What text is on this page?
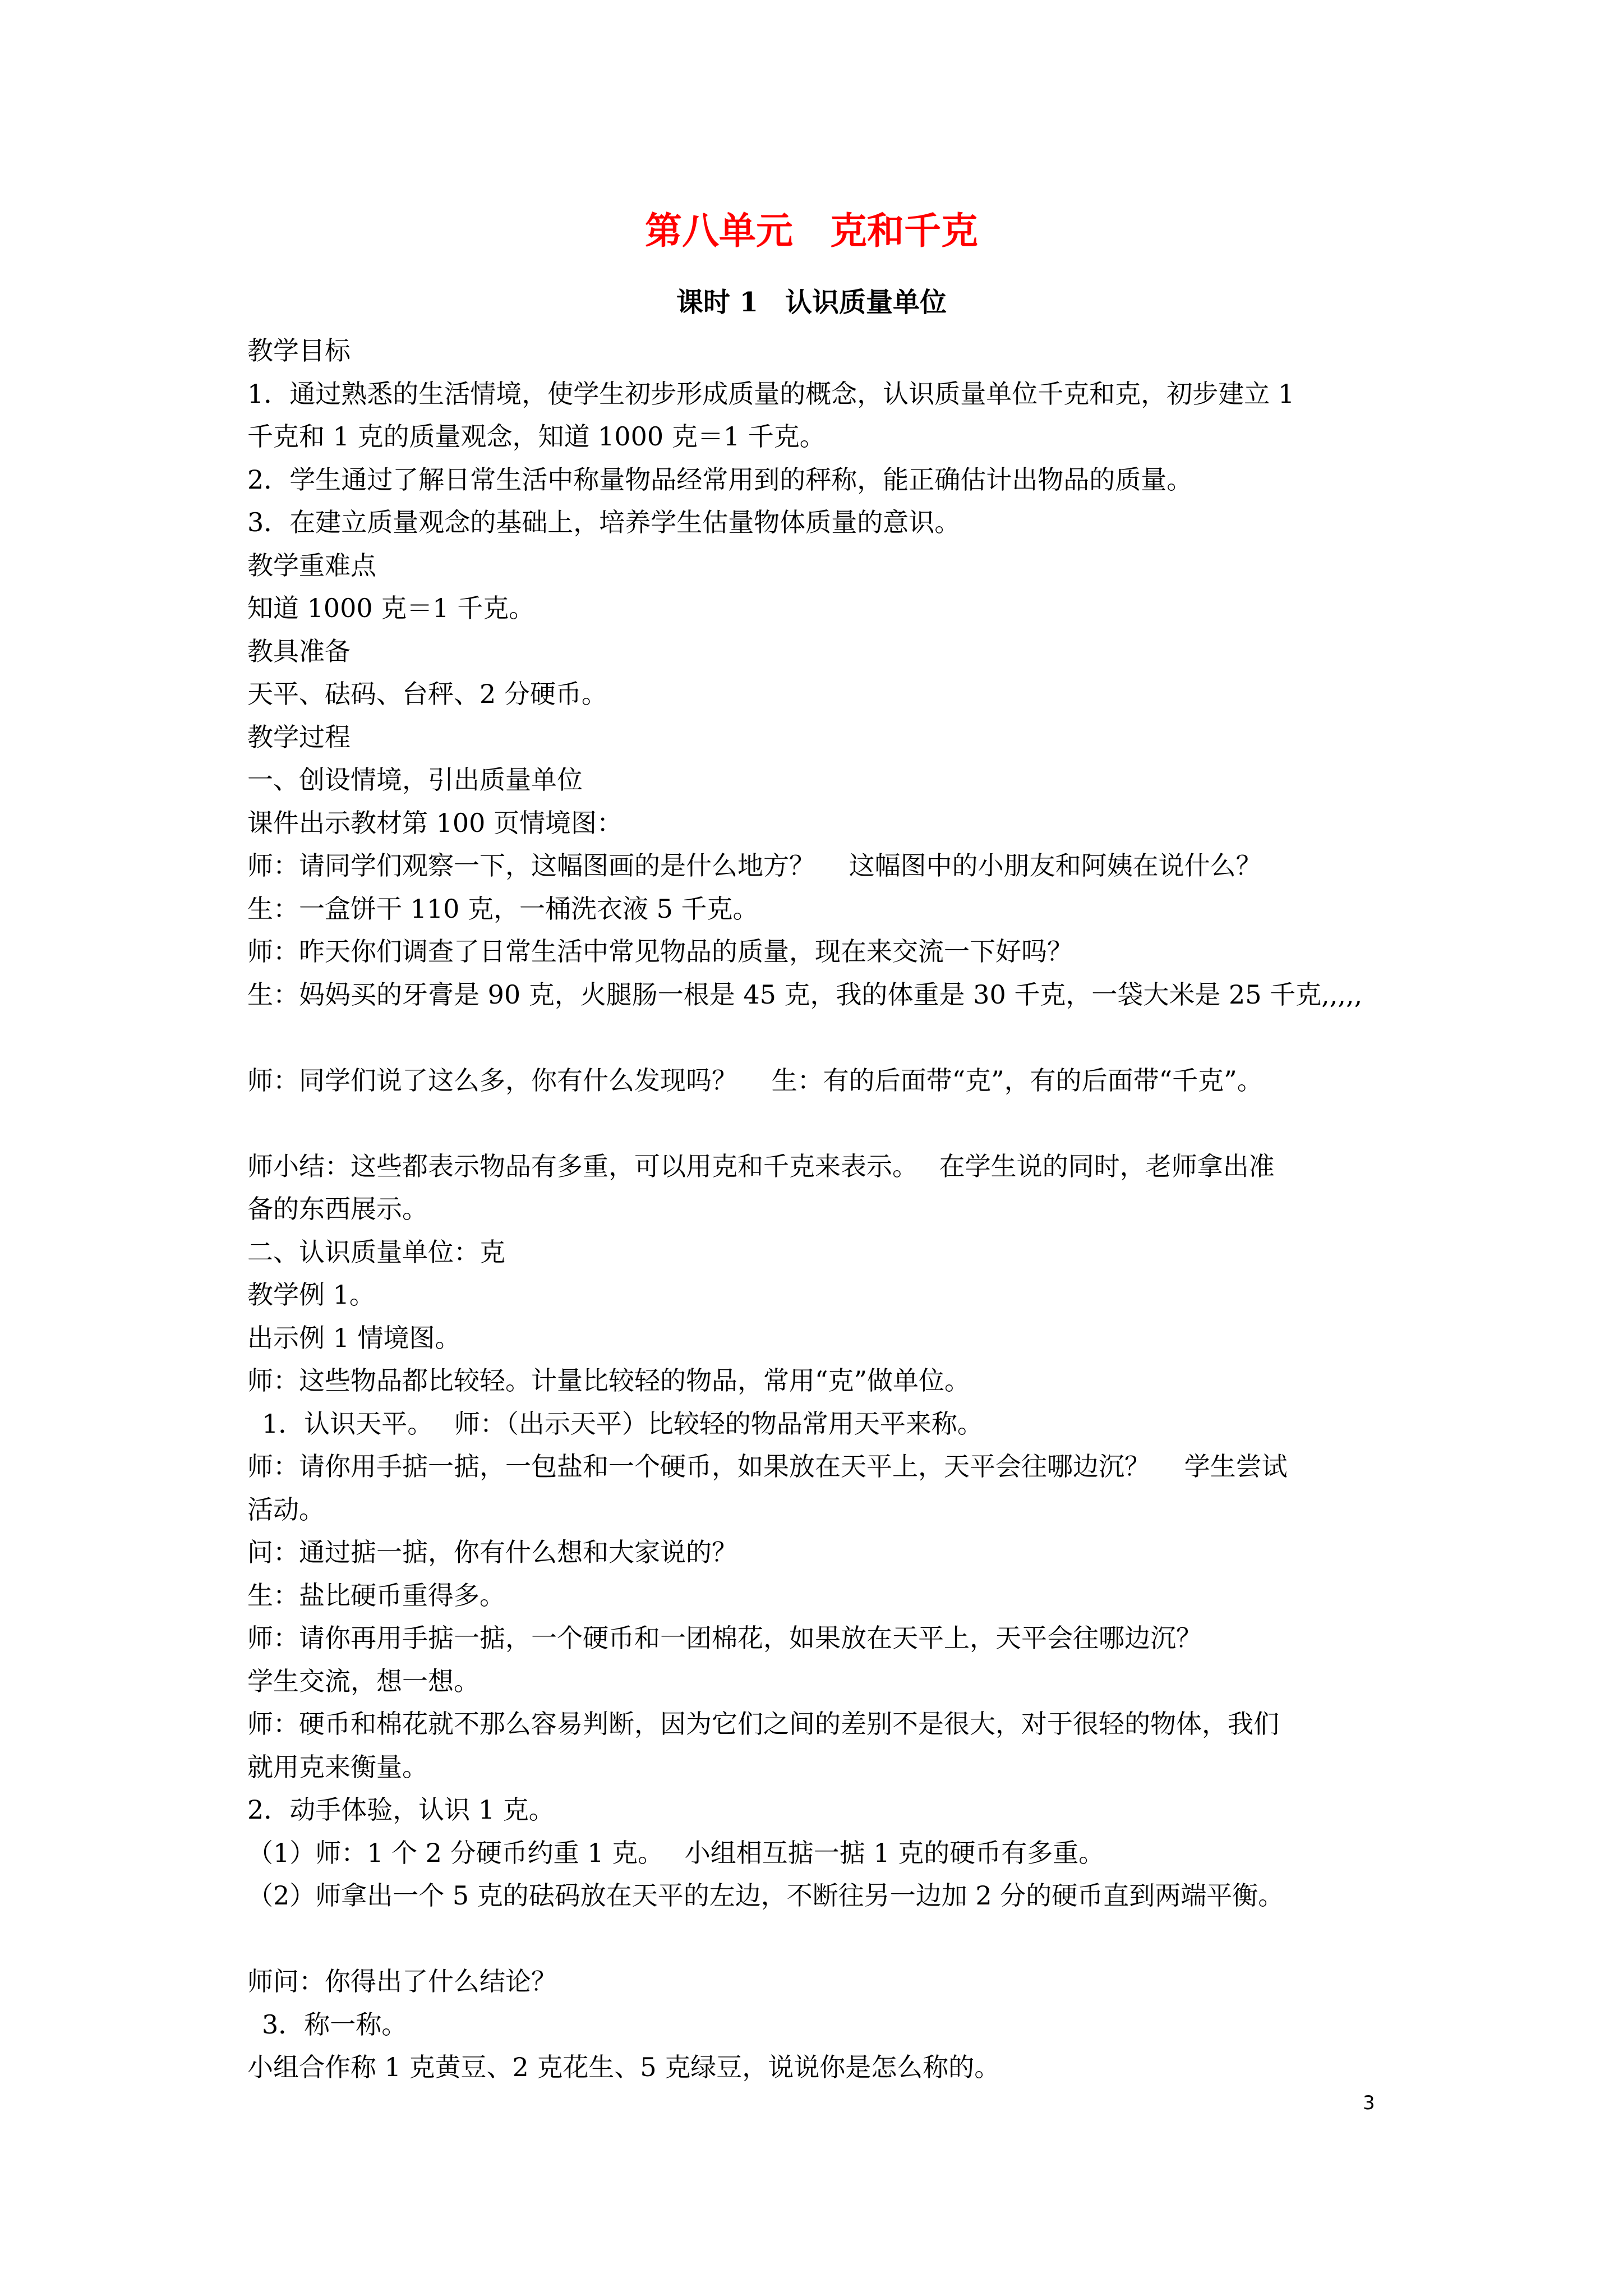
第八单元　克和千克
课时 1　认识质量单位
教学目标
1．通过熟悉的生活情境，使学生初步形成质量的概念，认识质量单位千克和克，初步建立 1
千克和 1 克的质量观念，知道 1000 克＝1 千克。
2．学生通过了解日常生活中称量物品经常用到的秤称，能正确估计出物品的质量。
3．在建立质量观念的基础上，培养学生估量物体质量的意识。
教学重难点
知道 1000 克＝1 千克。
教具准备
天平、砝码、台秤、2 分硬币。
教学过程
一、创设情境，引出质量单位
课件出示教材第 100 页情境图：
师：请同学们观察一下，这幅图画的是什么地方？　 这幅图中的小朋友和阿姨在说什么？
生：一盒饼干 110 克，一桶洗衣液 5 千克。
师：昨天你们调查了日常生活中常见物品的质量，现在来交流一下好吗？
生：妈妈买的牙膏是 90 克，火腿肠一根是 45 克，我的体重是 30 千克，一袋大米是 25 千克,,,,,
师：同学们说了这么多，你有什么发现吗？　 生：有的后面带“克”，有的后面带“千克”。
师小结：这些都表示物品有多重，可以用克和千克来表示。　 在学生说的同时，老师拿出准
备的东西展示。
二、认识质量单位：克
教学例 1。
出示例 1 情境图。
师：这些物品都比较轻。计量比较轻的物品，常用“克”做单位。
1．认识天平。　 师：（出示天平）比较轻的物品常用天平来称。
师：请你用手掂一掂，一包盐和一个硬币，如果放在天平上，天平会往哪边沉？　 学生尝试
活动。
问：通过掂一掂，你有什么想和大家说的？
生：盐比硬币重得多。
师：请你再用手掂一掂，一个硬币和一团棉花，如果放在天平上，天平会往哪边沉？
学生交流，想一想。
师：硬币和棉花就不那么容易判断，因为它们之间的差别不是很大，对于很轻的物体，我们
就用克来衡量。
2．动手体验，认识 1 克。
（1）师：1 个 2 分硬币约重 1 克。　 小组相互掂一掂 1 克的硬币有多重。
（2）师拿出一个 5 克的砝码放在天平的左边，不断往另一边加 2 分的硬币直到两端平衡。
师问：你得出了什么结论？
3．称一称。
小组合作称 1 克黄豆、2 克花生、5 克绿豆，说说你是怎么称的。
3
